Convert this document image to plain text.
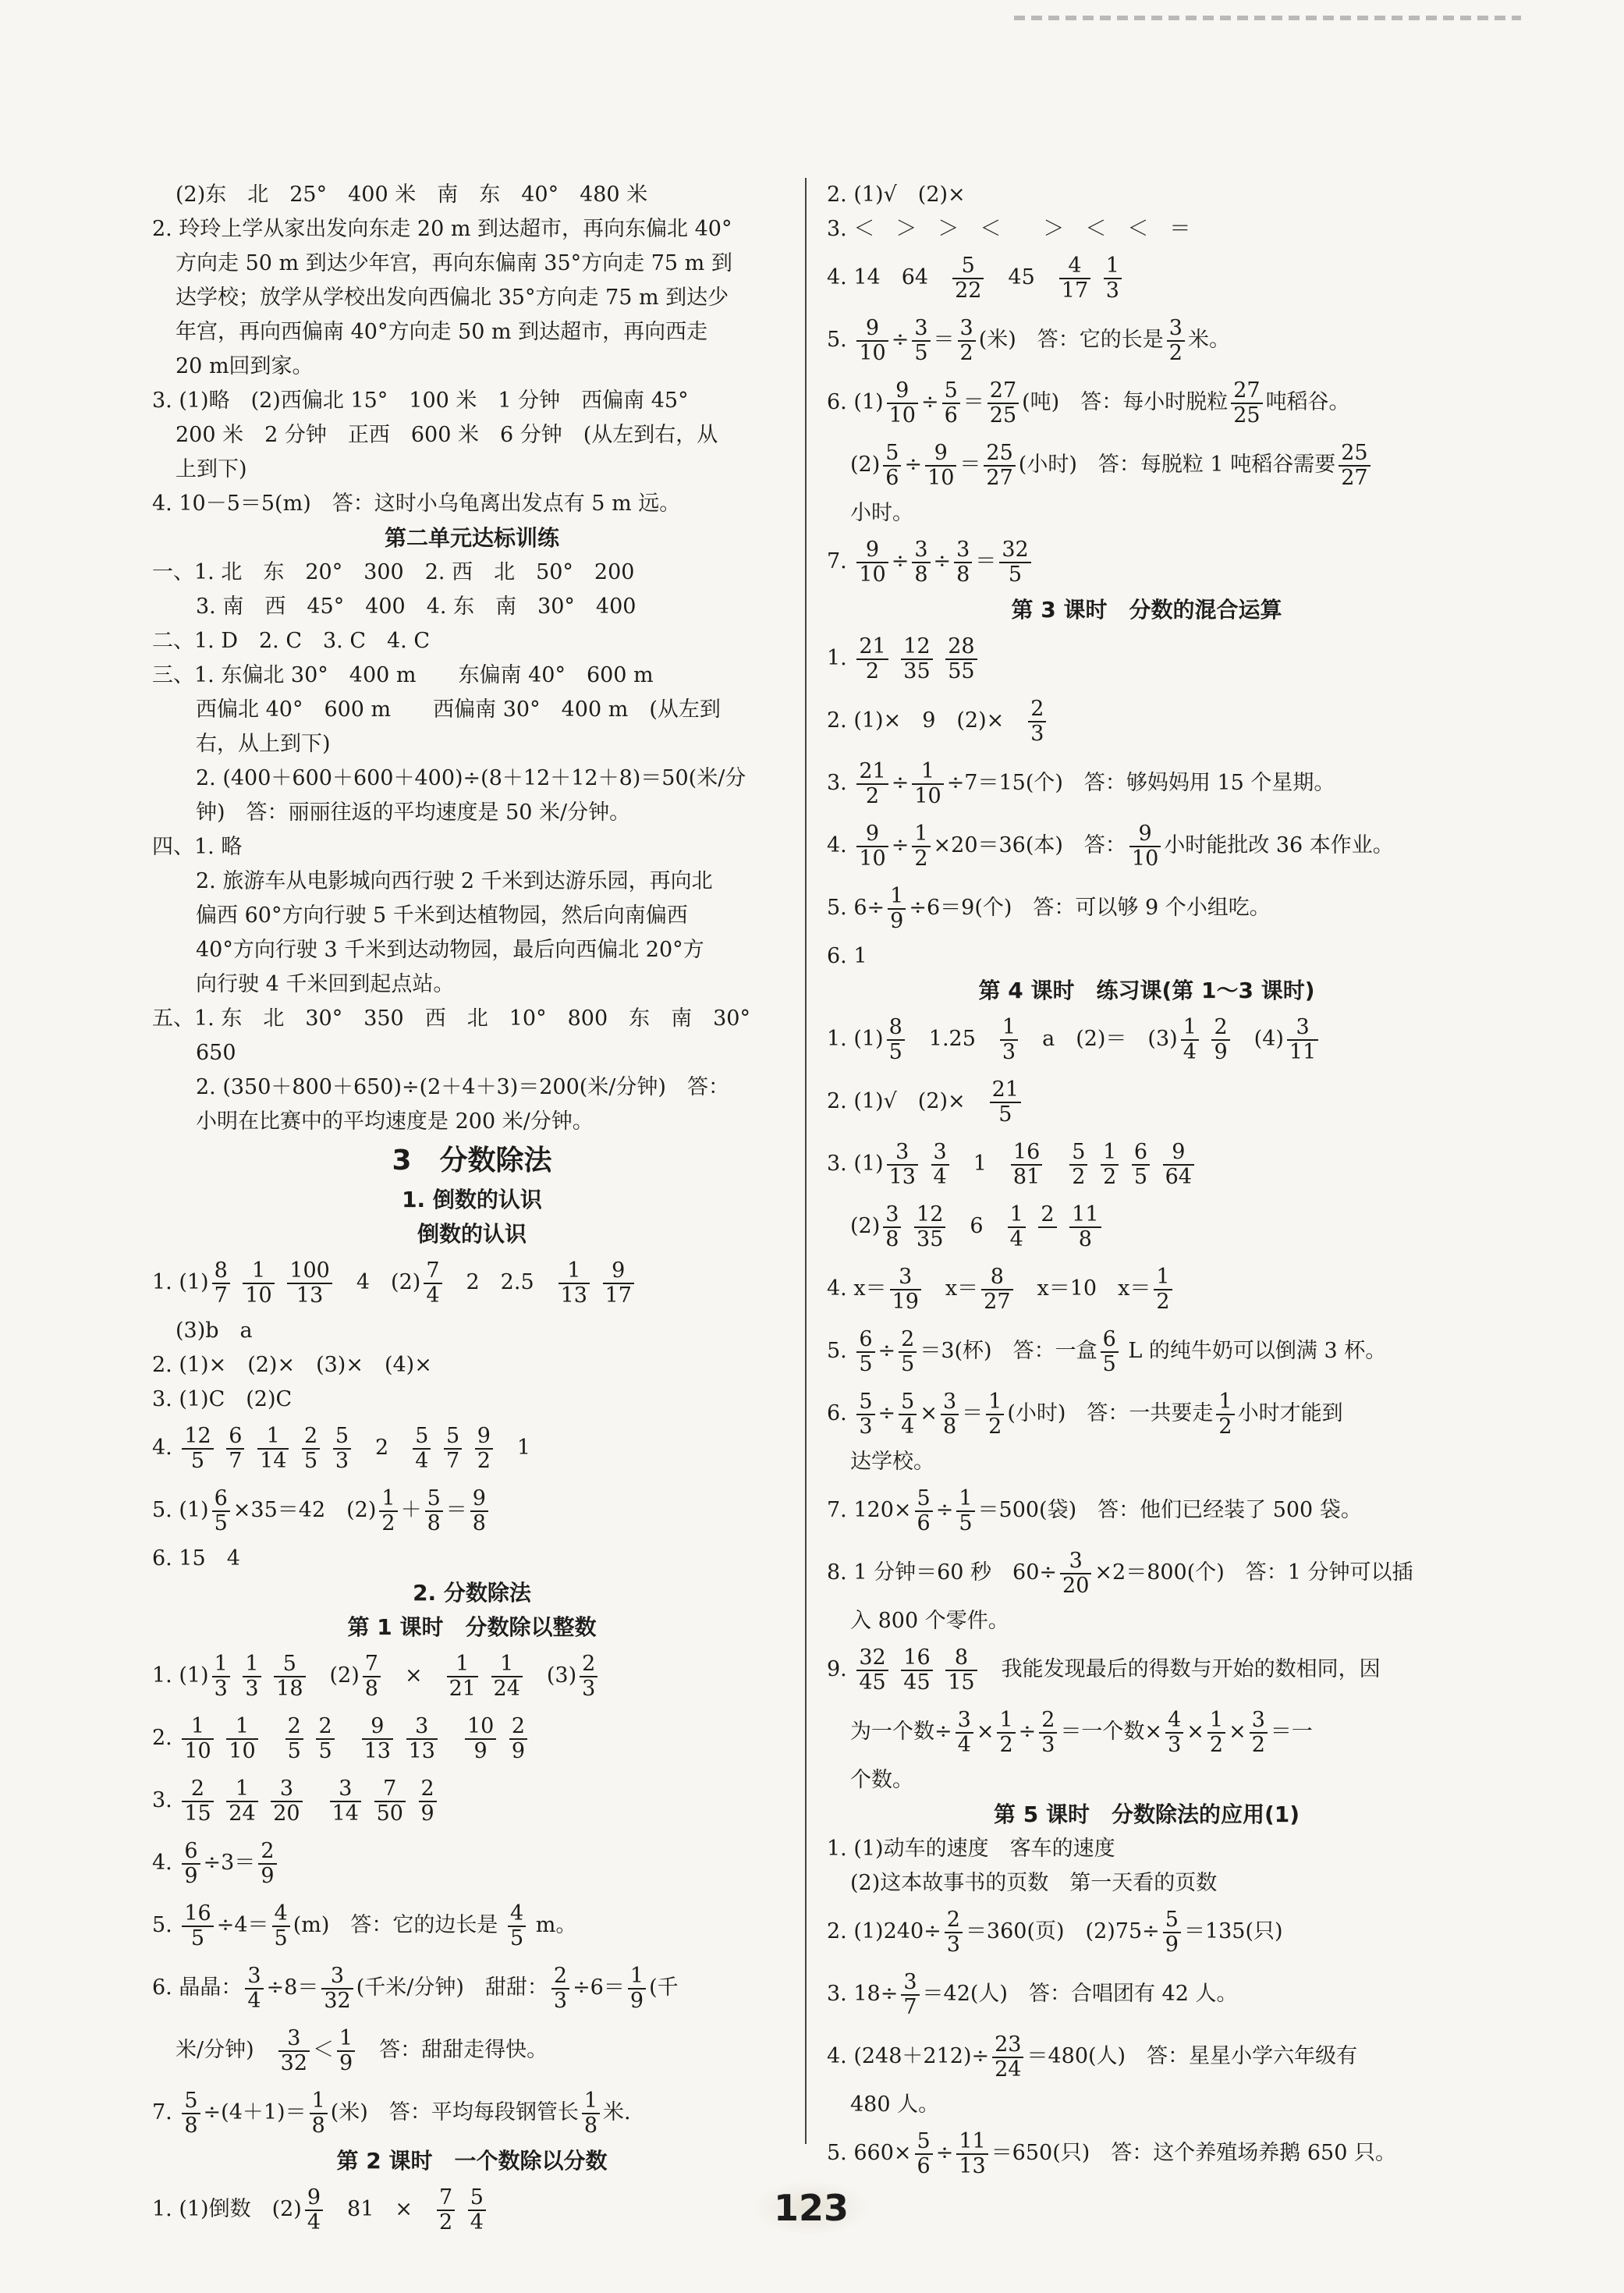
(2)东　北　25°　400 米　南　东　40°　480 米
2. 玲玲上学从家出发向东走 20 m 到达超市，再向东偏北 40°
方向走 50 m 到达少年宫，再向东偏南 35°方向走 75 m 到
达学校；放学从学校出发向西偏北 35°方向走 75 m 到达少
年宫，再向西偏南 40°方向走 50 m 到达超市，再向西走
20 m回到家。
3. (1)略　(2)西偏北 15°　100 米　1 分钟　西偏南 45°
200 米　2 分钟　正西　600 米　6 分钟　(从左到右，从
上到下)
4. 10－5＝5(m)　答：这时小乌龟离出发点有 5 m 远。
第二单元达标训练
一、1. 北　东　20°　300　2. 西　北　50°　200
3. 南　西　45°　400　4. 东　南　30°　400
二、1. D　2. C　3. C　4. C
三、1. 东偏北 30°　400 m　　东偏南 40°　600 m
西偏北 40°　600 m　　西偏南 30°　400 m　(从左到
右，从上到下)
2. (400＋600＋600＋400)÷(8＋12＋12＋8)＝50(米/分
钟)　答：丽丽往返的平均速度是 50 米/分钟。
四、1. 略
2. 旅游车从电影城向西行驶 2 千米到达游乐园，再向北
偏西 60°方向行驶 5 千米到达植物园，然后向南偏西
40°方向行驶 3 千米到达动物园，最后向西偏北 20°方
向行驶 4 千米回到起点站。
五、1. 东　北　30°　350　西　北　10°　800　东　南　30°
650
2. (350＋800＋650)÷(2＋4＋3)＝200(米/分钟)　答：
小明在比赛中的平均速度是 200 米/分钟。
3　分数除法
1. 倒数的认识
倒数的认识
1. $(1) \frac{8}{7}$
$\frac{1}{10}$
$\frac{100}{13}$ 　4　$(2) \frac{7}{4}$ 　2　2.5　 $\frac{1}{13}$
$\frac{9}{17}$
(3)b　a
2. (1)×　(2)×　(3)×　(4)×
3. (1)C　(2)C
4. $\frac{12}{5}$
$\frac{6}{7}$
$\frac{1}{14}$
$\frac{2}{5}$
$\frac{5}{3}$ 　2　 $\frac{5}{4}$
$\frac{5}{7}$
$\frac{9}{2}$ 　1
5. $(1) \frac{6}{5} \times 35=42$　$(2) \frac{1}{2} + \frac{5}{8} = \frac{9}{8}$
6. 15　4
2. 分数除法
第 1 课时　分数除以整数
1. $(1) \frac{1}{3}$
$\frac{1}{3}$
$\frac{5}{18}$ 　$(2) \frac{7}{8}$ 　×　 $\frac{1}{21}$
$\frac{1}{24}$ 　$(3) \frac{2}{3}$
2. $\frac{1}{10}$
$\frac{1}{10}$
　 $\frac{2}{5}$
$\frac{2}{5}$
　 $\frac{9}{13}$
$\frac{3}{13}$
　 $\frac{10}{9}$
$\frac{2}{9}$
3. $\frac{2}{15}$
$\frac{1}{24}$
$\frac{3}{20}$
　 $\frac{3}{14}$
$\frac{7}{50}$
$\frac{2}{9}$
4. $\frac{6}{9} \div 3= \frac{2}{9}$
5. $\frac{16}{5} \div 4= \frac{4}{5} (m)$　答：它的边长是 $\frac{4}{5}$ m。
6. 晶晶： $\frac{3}{4} \div 8= \frac{3}{32}$ (千米/分钟)　甜甜： $\frac{2}{3} \div 6= \frac{1}{9}$ (千
米/分钟)　 $\frac{3}{32} < \frac{1}{9}$ 　答：甜甜走得快。
7. $\frac{5}{8} \div(4+1)= \frac{1}{8}$ (米)　答：平均每段钢管长 $\frac{1}{8}$ 米.
第 2 课时　一个数除以分数
1. (1)倒数　$(2) \frac{9}{4}$ 　81　×　 $\frac{7}{2}$
$\frac{5}{4}$
2. (1)√　(2)×
3. ＜　＞　＞　＜　　＞　＜　＜　＝
4. 14　64　 $\frac{5}{22}$ 　45　 $\frac{4}{17}$
$\frac{1}{3}$
5. $\frac{9}{10} \div \frac{3}{5} = \frac{3}{2}$ (米)　答：它的长是 $\frac{3}{2}$ 米。
6. $(1) \frac{9}{10} \div \frac{5}{6} = \frac{27}{25}$ (吨)　答：每小时脱粒 $\frac{27}{25}$ 吨稻谷。
$(2) \frac{5}{6} \div \frac{9}{10} = \frac{25}{27}$ (小时)　答：每脱粒 1 吨稻谷需要 $\frac{25}{27}$
小时。
7. $\frac{9}{10} \div \frac{3}{8} \div \frac{3}{8} = \frac{32}{5}$
第 3 课时　分数的混合运算
1. $\frac{21}{2}$
$\frac{12}{35}$
$\frac{28}{55}$
2. (1)×　9　(2)×　 $\frac{2}{3}$
3. $\frac{21}{2} \div \frac{1}{10} \div 7=15$(个)　答：够妈妈用 15 个星期。
4. $\frac{9}{10} \div \frac{1}{2} \times 20=36$(本)　答： $\frac{9}{10}$ 小时能批改 36 本作业。
5. $6\div \frac{1}{9} \div 6=9$(个)　答：可以够 9 个小组吃。
6. 1
第 4 课时　练习课(第 1～3 课时)
1. $(1) \frac{8}{5}$ 　1.25　 $\frac{1}{3}$ 　a　(2)＝　$(3) \frac{1}{4}$
$\frac{2}{9}$ 　$(4) \frac{3}{11}$
2. (1)√　(2)×　 $\frac{21}{5}$
3. $(1) \frac{3}{13}$
$\frac{3}{4}$ 　1　 $\frac{16}{81}$
　 $\frac{5}{2}$
$\frac{1}{2}$
$\frac{6}{5}$
$\frac{9}{64}$
$(2) \frac{3}{8}$
$\frac{12}{35}$ 　6　 $\frac{1}{4}$
2

$\frac{11}{8}$
4. $x= \frac{3}{19}$ 　$x= \frac{8}{27}$ 　x＝10　$x= \frac{1}{2}$
5. $\frac{6}{5} \div \frac{2}{5} =3$(杯)　答：一盒 $\frac{6}{5}$ L 的纯牛奶可以倒满 3 杯。
6. $\frac{5}{3} \div \frac{5}{4} \times \frac{3}{8} = \frac{1}{2}$ (小时)　答：一共要走 $\frac{1}{2}$ 小时才能到
达学校。
7. $120\times \frac{5}{6} \div \frac{1}{5} =500$(袋)　答：他们已经装了 500 袋。
8. 1 分钟＝60 秒　$60\div \frac{3}{20} \times 2=800$(个)　答：1 分钟可以插
入 800 个零件。
9. $\frac{32}{45}$
$\frac{16}{45}$
$\frac{8}{15}$ 　我能发现最后的得数与开始的数相同，因
为一个数÷ $\frac{3}{4} \times \frac{1}{2} \div \frac{2}{3}$ ＝一个数× $\frac{4}{3} \times \frac{1}{2} \times \frac{3}{2}$ ＝一
个数。
第 5 课时　分数除法的应用(1)
1. (1)动车的速度　客车的速度
(2)这本故事书的页数　第一天看的页数
2. $(1)240\div \frac{2}{3} =360$(页)　$(2)75\div \frac{5}{9} =135$(只)
3. $18\div \frac{3}{7} =42$(人)　答：合唱团有 42 人。
4. $(248+212)\div \frac{23}{24} =480$(人)　答：星星小学六年级有
480 人。
5. $660\times \frac{5}{6} \div \frac{11}{13} =650$(只)　答：这个养殖场养鹅 650 只。
123
